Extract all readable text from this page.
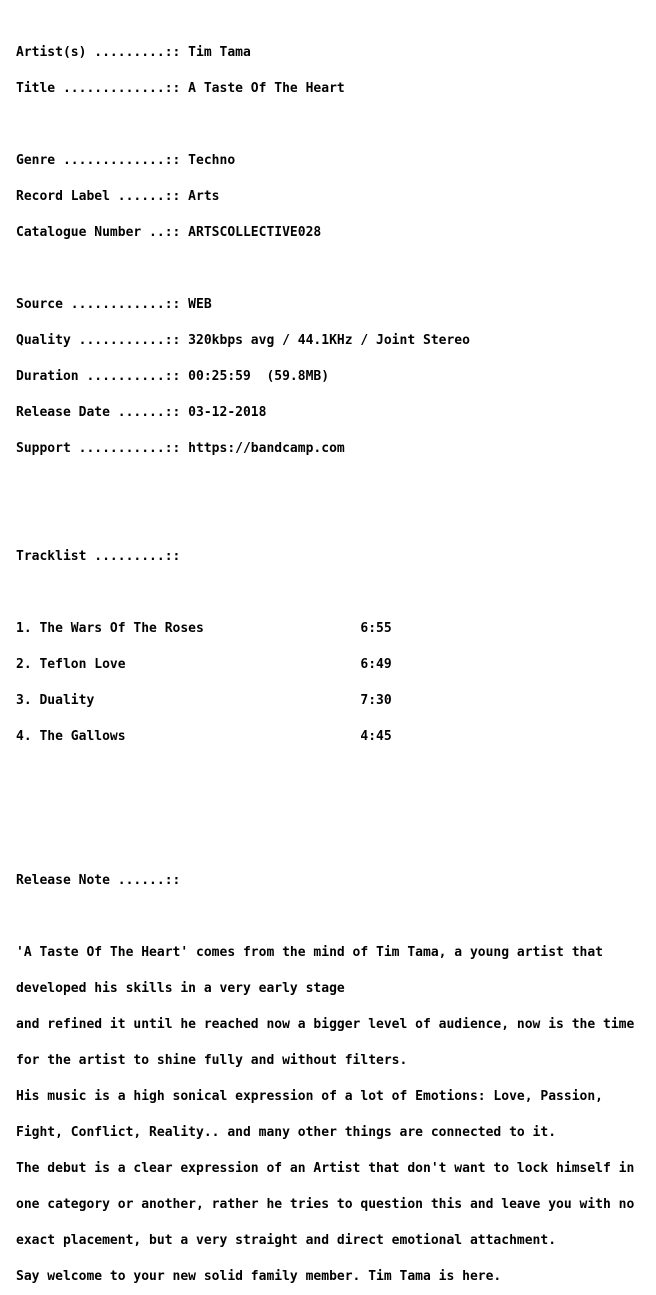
Artist(s) .........:: Tim Tama

Title .............:: A Taste Of The Heart

Genre .............:: Techno

Record Label ......:: Arts

Catalogue Number ..:: ARTSCOLLECTIVE028

Source ............:: WEB

Quality ...........:: 320kbps avg / 44.1KHz / Joint Stereo

Duration ..........:: 00:25:59  (59.8MB)

Release Date ......:: 03-12-2018

Support ...........:: https://bandcamp.com

Tracklist .........::

1. The Wars Of The Roses                    6:55

2. Teflon Love                              6:49

3. Duality                                  7:30

4. The Gallows                              4:45

Release Note ......::

'A Taste Of The Heart' comes from the mind of Tim Tama, a young artist that

developed his skills in a very early stage

and refined it until he reached now a bigger level of audience, now is the time

for the artist to shine fully and without filters.

His music is a high sonical expression of a lot of Emotions: Love, Passion,

Fight, Conflict, Reality.. and many other things are connected to it.

The debut is a clear expression of an Artist that don't want to lock himself in

one category or another, rather he tries to question this and leave you with no

exact placement, but a very straight and direct emotional attachment.

Say welcome to your new solid family member. Tim Tama is here.
